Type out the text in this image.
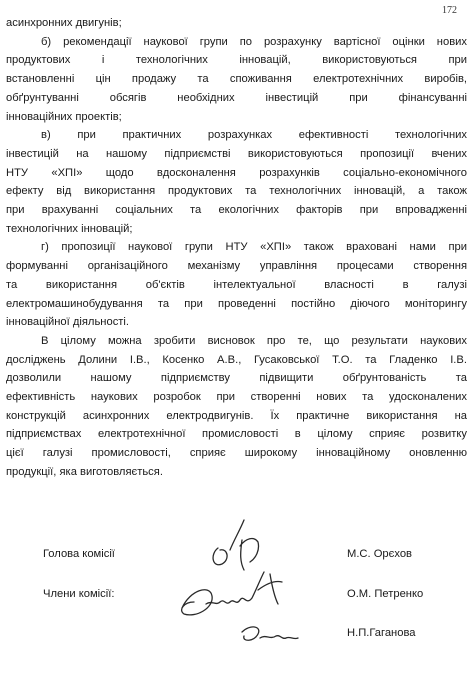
172
асинхронних двигунів;
б) рекомендації наукової групи по розрахунку вартісної оцінки нових
продуктових і технологічних інновацій, використовуються при
встановленні цін продажу та споживання електротехнічних виробів,
обґрунтуванні обсягів необхідних інвестицій при фінансуванні
інноваційних проектів;
в) при практичних розрахунках ефективності технологічних
інвестицій на нашому підприємстві використовуються пропозиції вчених
НТУ «ХПІ» щодо вдосконалення розрахунків соціально-економічного
ефекту від використання продуктових та технологічних інновацій, а також
при врахуванні соціальних та екологічних факторів при впровадженні
технологічних інновацій;
г) пропозиції наукової групи НТУ «ХПІ» також враховані нами при
формуванні організаційного механізму управління процесами створення
та використання об'єктів інтелектуальної власності в галузі
електромашинобудування та при проведенні постійно діючого моніторингу
інноваційної діяльності.
В цілому можна зробити висновок про те, що результати наукових
досліджень Долини І.В., Косенко А.В., Гусаковської Т.О. та Гладенко І.В.
дозволили нашому підприємству підвищити обґрунтованість та
ефективність наукових розробок при створенні нових та удосконалених
конструкцій асинхронних електродвигунів. Їх практичне використання на
підприємствах електротехнічної промисловості в цілому сприяє розвитку
цієї галузі промисловості, сприяє широкому інноваційному оновленню
продукції, яка виготовляється.
Голова комісії	М.С. Орєхов
Члени комісії:	О.М. Петренко
Н.П.Гаганова
